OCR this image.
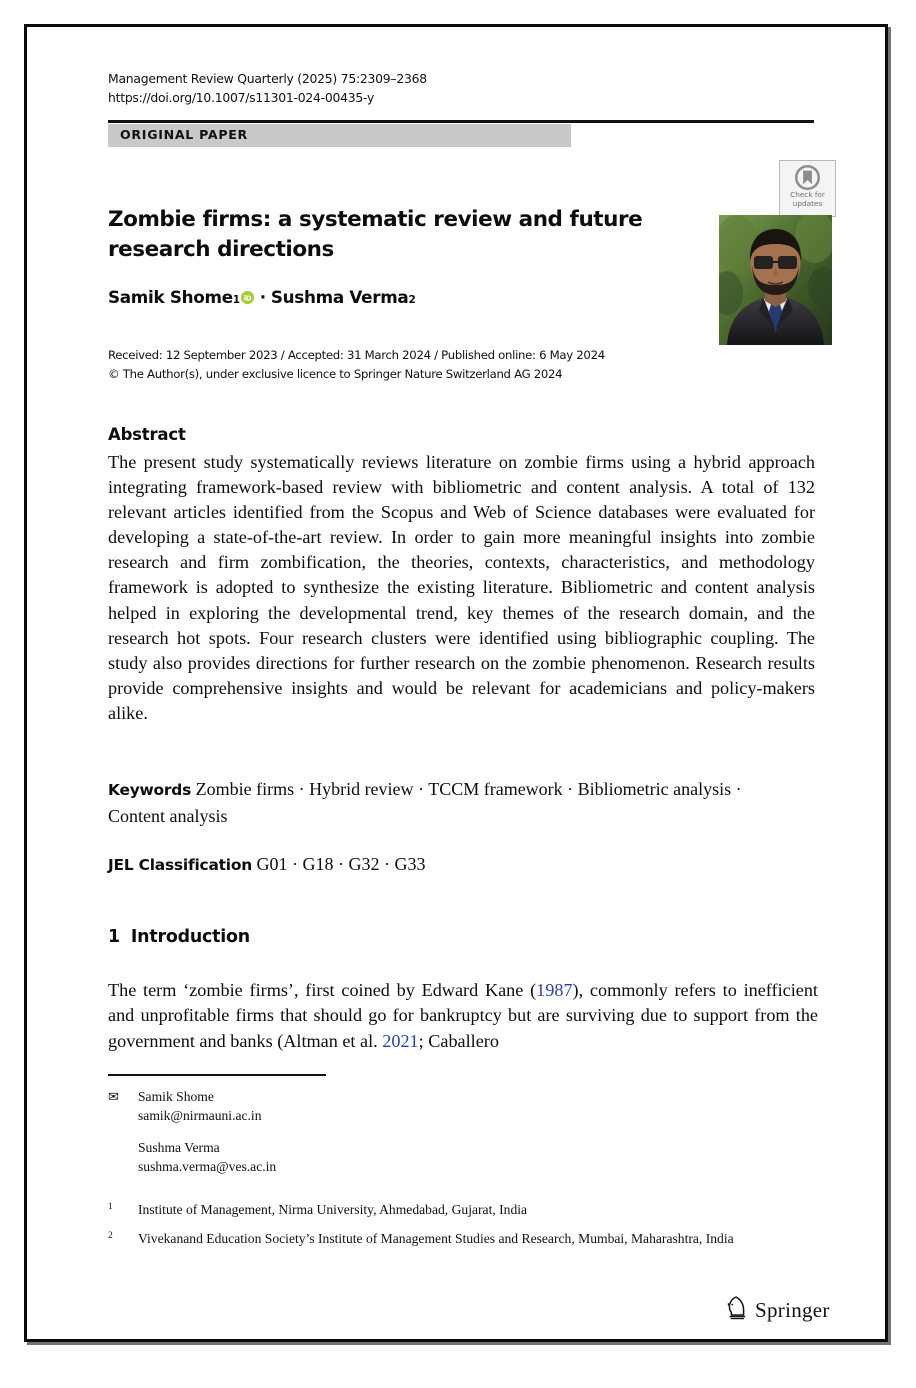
Management Review Quarterly (2025) 75:2309–2368
https://doi.org/10.1007/s11301-024-00435-y
ORIGINAL PAPER
Check for
updates
Zombie firms: a systematic review and future research directions
Samik Shome 1 iD · Sushma Verma 2
Received: 12 September 2023 / Accepted: 31 March 2024 / Published online: 6 May 2024
© The Author(s), under exclusive licence to Springer Nature Switzerland AG 2024
Abstract
The present study systematically reviews literature on zombie firms using a hybrid approach integrating framework-based review with bibliometric and content analysis. A total of 132 relevant articles identified from the Scopus and Web of Science databases were evaluated for developing a state-of-the-art review. In order to gain more meaningful insights into zombie research and firm zombification, the theories, contexts, characteristics, and methodology framework is adopted to synthesize the existing literature. Bibliometric and content analysis helped in exploring the developmental trend, key themes of the research domain, and the research hot spots. Four research clusters were identified using bibliographic coupling. The study also provides directions for further research on the zombie phenomenon. Research results provide comprehensive insights and would be relevant for academicians and policy-makers alike.
Keywords Zombie firms · Hybrid review · TCCM framework · Bibliometric analysis · Content analysis
JEL Classification G01 · G18 · G32 · G33
1 Introduction
The term ‘zombie firms’, first coined by Edward Kane (1987), commonly refers to inefficient and unprofitable firms that should go for bankruptcy but are surviving due to support from the government and banks (Altman et al. 2021; Caballero
✉	Samik Shome
samik@nirmauni.ac.in
Sushma Verma
sushma.verma@ves.ac.in
1	Institute of Management, Nirma University, Ahmedabad, Gujarat, India
2	Vivekanand Education Society’s Institute of Management Studies and Research, Mumbai, Maharashtra, India
Springer
